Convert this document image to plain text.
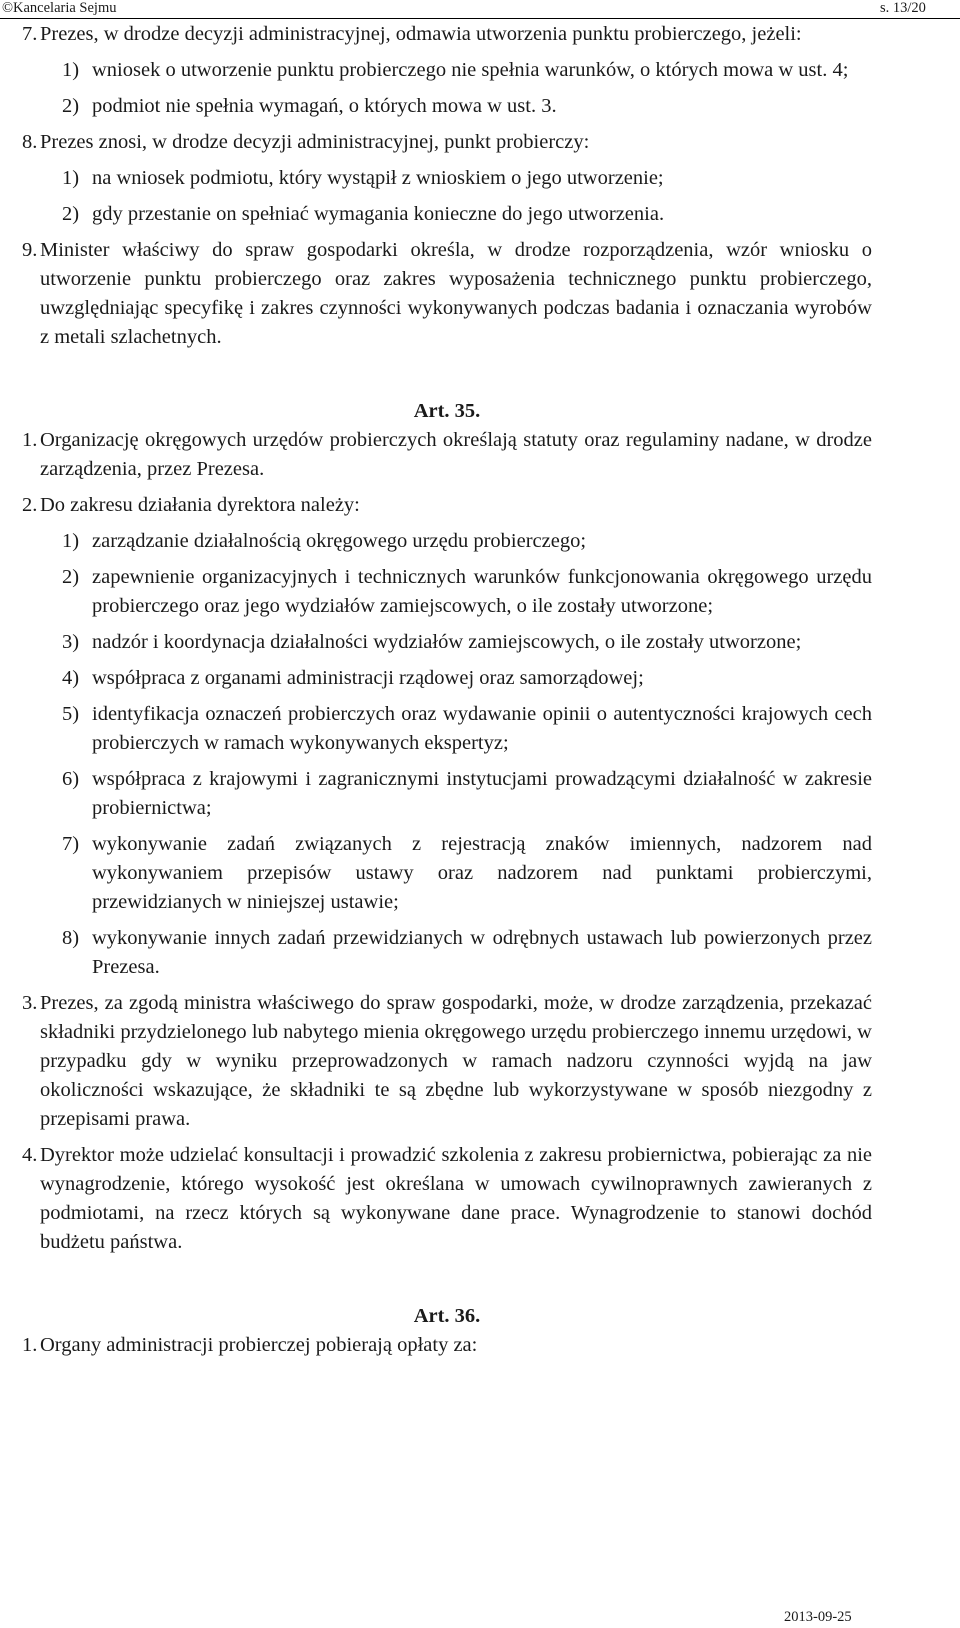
©Kancelaria Sejmu	s. 13/20

7. Prezes, w drodze decyzji administracyjnej, odmawia utworzenia punktu probierczego, jeżeli:

1) wniosek o utworzenie punktu probierczego nie spełnia warunków, o których mowa w ust. 4;

2) podmiot nie spełnia wymagań, o których mowa w ust. 3.

8. Prezes znosi, w drodze decyzji administracyjnej, punkt probierczy:

1) na wniosek podmiotu, który wystąpił z wnioskiem o jego utworzenie;

2) gdy przestanie on spełniać wymagania konieczne do jego utworzenia.

9. Minister właściwy do spraw gospodarki określa, w drodze rozporządzenia, wzór wniosku o utworzenie punktu probierczego oraz zakres wyposażenia technicznego punktu probierczego, uwzględniając specyfikę i zakres czynności wykonywanych podczas badania i oznaczania wyrobów z metali szlachetnych.

Art. 35.

1. Organizację okręgowych urzędów probierczych określają statuty oraz regulaminy nadane, w drodze zarządzenia, przez Prezesa.

2. Do zakresu działania dyrektora należy:

1) zarządzanie działalnością okręgowego urzędu probierczego;

2) zapewnienie organizacyjnych i technicznych warunków funkcjonowania okręgowego urzędu probierczego oraz jego wydziałów zamiejscowych, o ile zostały utworzone;

3) nadzór i koordynacja działalności wydziałów zamiejscowych, o ile zostały utworzone;

4) współpraca z organami administracji rządowej oraz samorządowej;

5) identyfikacja oznaczeń probierczych oraz wydawanie opinii o autentyczności krajowych cech probierczych w ramach wykonywanych ekspertyz;

6) współpraca z krajowymi i zagranicznymi instytucjami prowadzącymi działalność w zakresie probiernictwa;

7) wykonywanie zadań związanych z rejestracją znaków imiennych, nadzorem nad wykonywaniem przepisów ustawy oraz nadzorem nad punktami probierczymi, przewidzianych w niniejszej ustawie;

8) wykonywanie innych zadań przewidzianych w odrębnych ustawach lub powierzonych przez Prezesa.

3. Prezes, za zgodą ministra właściwego do spraw gospodarki, może, w drodze zarządzenia, przekazać składniki przydzielonego lub nabytego mienia okręgowego urzędu probierczego innemu urzędowi, w przypadku gdy w wyniku przeprowadzonych w ramach nadzoru czynności wyjdą na jaw okoliczności wskazujące, że składniki te są zbędne lub wykorzystywane w sposób niezgodny z przepisami prawa.

4. Dyrektor może udzielać konsultacji i prowadzić szkolenia z zakresu probiernictwa, pobierając za nie wynagrodzenie, którego wysokość jest określana w umowach cywilnoprawnych zawieranych z podmiotami, na rzecz których są wykonywane dane prace. Wynagrodzenie to stanowi dochód budżetu państwa.

Art. 36.

1. Organy administracji probierczej pobierają opłaty za:

2013-09-25
